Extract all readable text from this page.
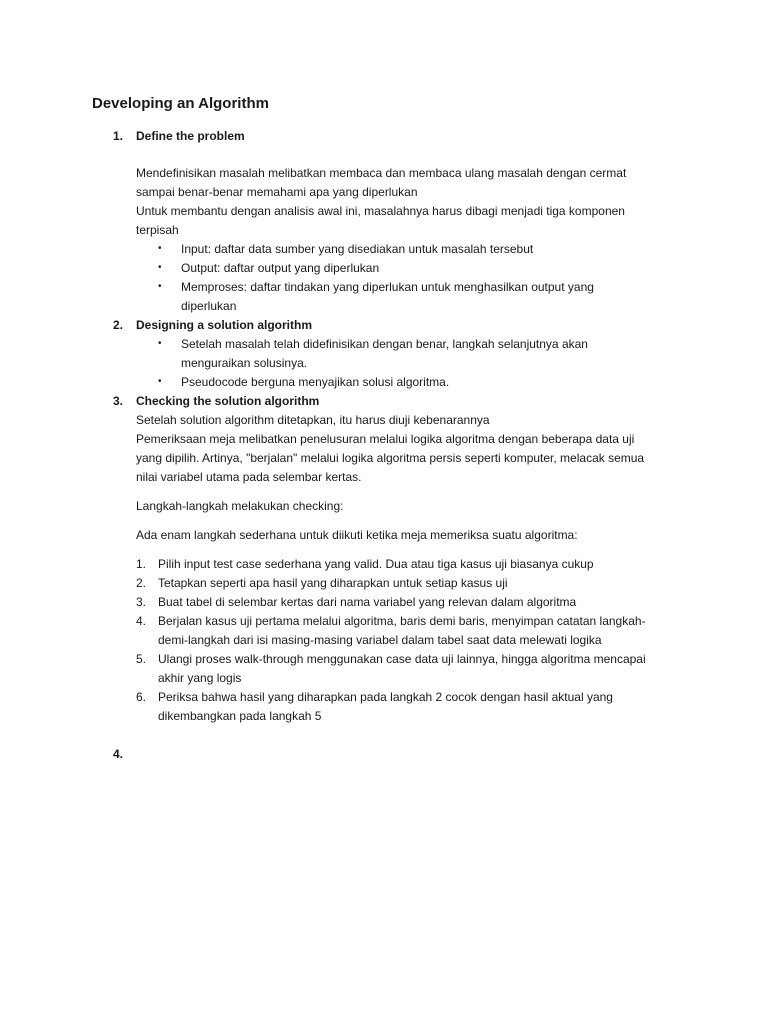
Developing an Algorithm
1. Define the problem
Mendefinisikan masalah melibatkan membaca dan membaca ulang masalah dengan cermat
sampai benar-benar memahami apa yang diperlukan
Untuk membantu dengan analisis awal ini, masalahnya harus dibagi menjadi tiga komponen
terpisah
• Input: daftar data sumber yang disediakan untuk masalah tersebut
• Output: daftar output yang diperlukan
• Memproses: daftar tindakan yang diperlukan untuk menghasilkan output yang
diperlukan
2. Designing a solution algorithm
• Setelah masalah telah didefinisikan dengan benar, langkah selanjutnya akan
menguraikan solusinya.
• Pseudocode berguna menyajikan solusi algoritma.
3. Checking the solution algorithm
Setelah solution algorithm ditetapkan, itu harus diuji kebenarannya
Pemeriksaan meja melibatkan penelusuran melalui logika algoritma dengan beberapa data uji
yang dipilih. Artinya, "berjalan" melalui logika algoritma persis seperti komputer, melacak semua
nilai variabel utama pada selembar kertas.
Langkah-langkah melakukan checking:
Ada enam langkah sederhana untuk diikuti ketika meja memeriksa suatu algoritma:
1. Pilih input test case sederhana yang valid. Dua atau tiga kasus uji biasanya cukup
2. Tetapkan seperti apa hasil yang diharapkan untuk setiap kasus uji
3. Buat tabel di selembar kertas dari nama variabel yang relevan dalam algoritma
4. Berjalan kasus uji pertama melalui algoritma, baris demi baris, menyimpan catatan langkah-
demi-langkah dari isi masing-masing variabel dalam tabel saat data melewati logika
5. Ulangi proses walk-through menggunakan case data uji lainnya, hingga algoritma mencapai
akhir yang logis
6. Periksa bahwa hasil yang diharapkan pada langkah 2 cocok dengan hasil aktual yang
dikembangkan pada langkah 5
4.
